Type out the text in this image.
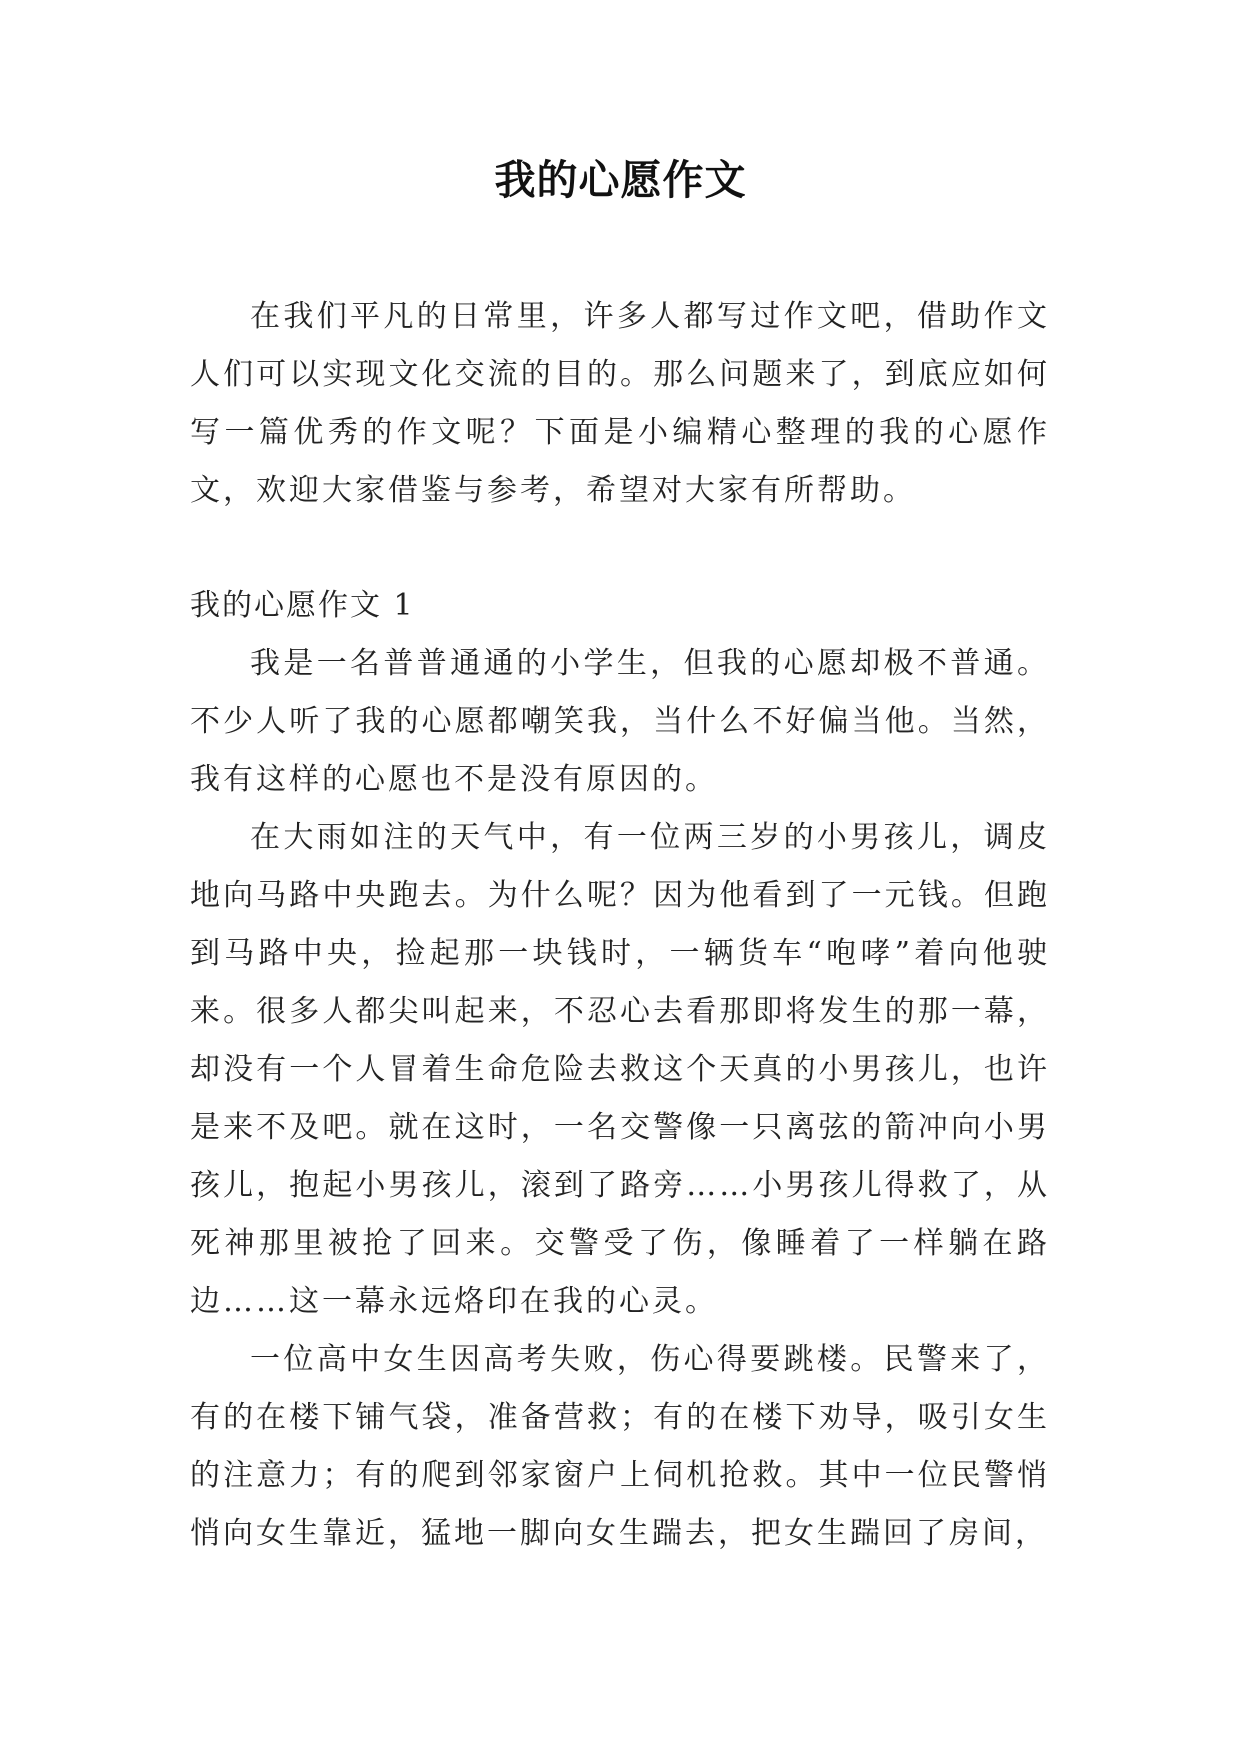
我的心愿作文

在我们平凡的日常里，许多人都写过作文吧，借助作文人们可以实现文化交流的目的。那么问题来了，到底应如何写一篇优秀的作文呢？下面是小编精心整理的我的心愿作文，欢迎大家借鉴与参考，希望对大家有所帮助。

我的心愿作文 1

我是一名普普通通的小学生，但我的心愿却极不普通。不少人听了我的心愿都嘲笑我，当什么不好偏当他。当然，我有这样的心愿也不是没有原因的。

在大雨如注的天气中，有一位两三岁的小男孩儿，调皮地向马路中央跑去。为什么呢？因为他看到了一元钱。但跑到马路中央，捡起那一块钱时，一辆货车“咆哮”着向他驶来。很多人都尖叫起来，不忍心去看那即将发生的那一幕，却没有一个人冒着生命危险去救这个天真的小男孩儿，也许是来不及吧。就在这时，一名交警像一只离弦的箭冲向小男孩儿，抱起小男孩儿，滚到了路旁……小男孩儿得救了，从死神那里被抢了回来。交警受了伤，像睡着了一样躺在路边……这一幕永远烙印在我的心灵。

一位高中女生因高考失败，伤心得要跳楼。民警来了，有的在楼下铺气袋，准备营救；有的在楼下劝导，吸引女生的注意力；有的爬到邻家窗户上伺机抢救。其中一位民警悄悄向女生靠近，猛地一脚向女生踹去，把女生踹回了房间，
